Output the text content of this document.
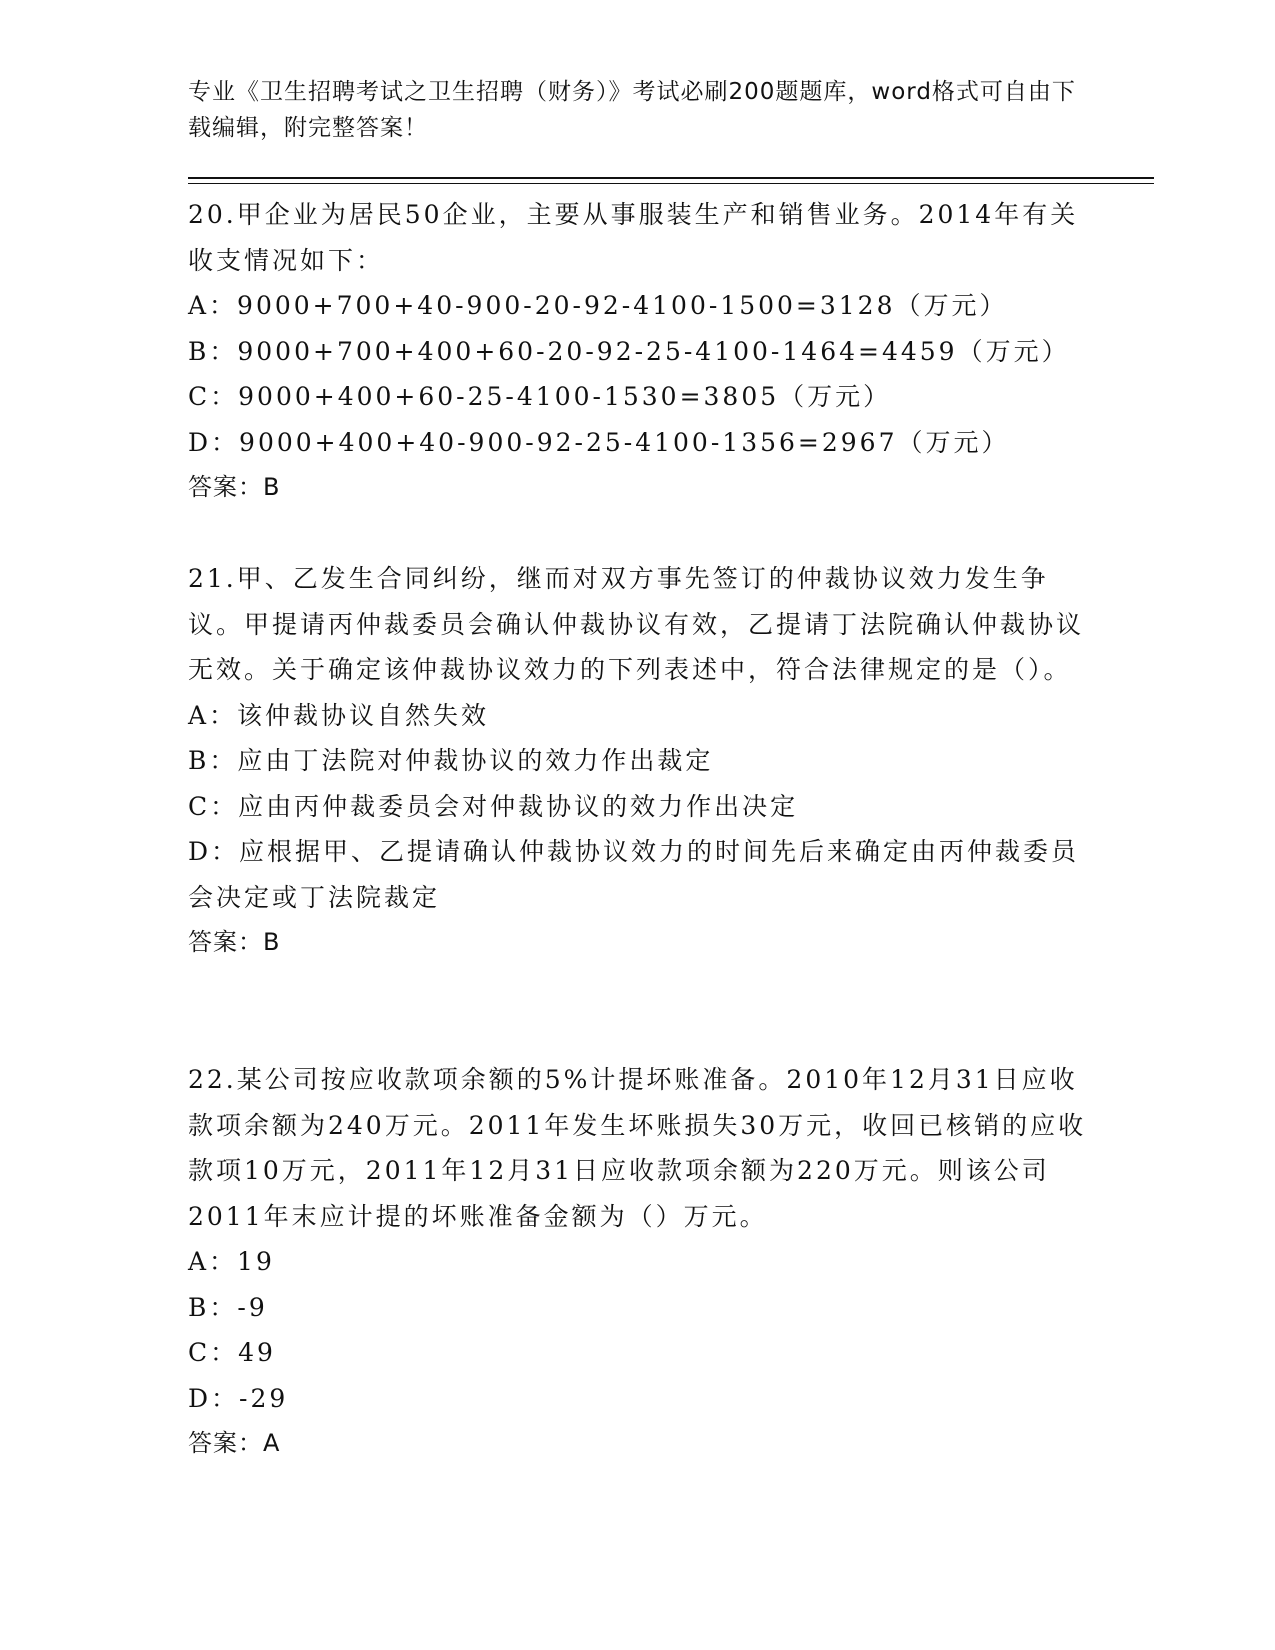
专业《卫生招聘考试之卫生招聘（财务）》考试必刷200题题库，word格式可自由下载编辑，附完整答案！

20.甲企业为居民50企业，主要从事服装生产和销售业务。2014年有关收支情况如下：

A：9000+700+40-900-20-92-4100-1500=3128（万元）

B：9000+700+400+60-20-92-25-4100-1464=4459（万元）

C：9000+400+60-25-4100-1530=3805（万元）

D：9000+400+40-900-92-25-4100-1356=2967（万元）

答案：B

21.甲、乙发生合同纠纷，继而对双方事先签订的仲裁协议效力发生争议。甲提请丙仲裁委员会确认仲裁协议有效，乙提请丁法院确认仲裁协议无效。关于确定该仲裁协议效力的下列表述中，符合法律规定的是（）。

A：该仲裁协议自然失效

B：应由丁法院对仲裁协议的效力作出裁定

C：应由丙仲裁委员会对仲裁协议的效力作出决定

D：应根据甲、乙提请确认仲裁协议效力的时间先后来确定由丙仲裁委员会决定或丁法院裁定

答案：B

22.某公司按应收款项余额的5%计提坏账准备。2010年12月31日应收款项余额为240万元。2011年发生坏账损失30万元，收回已核销的应收款项10万元，2011年12月31日应收款项余额为220万元。则该公司2011年末应计提的坏账准备金额为（）万元。

A：19

B：-9

C：49

D：-29

答案：A
